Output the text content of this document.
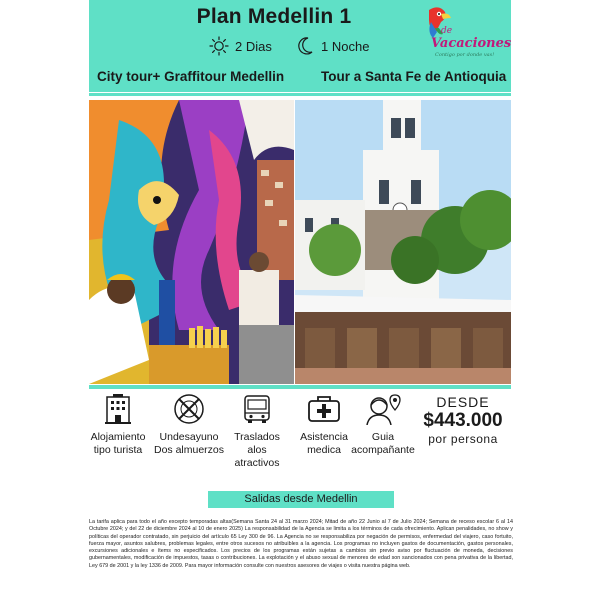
Plan Medellin 1
2 Dias	1 Noche
City tour+ Graffitour Medellin	Tour a Santa Fe de Antioquia
de
Vacaciones
Contigo por donde vas!
Alojamiento
tipo turista
Undesayuno
Dos almuerzos
Traslados
alos
atractivos
Asistencia
medica
Guia
acompañante
DESDE
$443.000
por persona
Salidas desde Medellin
La tarifa aplica para todo el año excepto temporadas altas(Semana Santa 24 al 31 marzo 2024; Mitad de año 22 Junio al 7 de Julio 2024; Semana de receso escolar 6 al 14 Octubre 2024; y del 22 de diciembre 2024 al 10 de enero 2025) La responsabilidad de la Agencia se limita a los términos de cada ofrecimiento. Aplican penalidades, no show y políticas del operador contratado, sin perjuicio del artículo 65 Ley 300 de 96. La Agencia no se responsabiliza por negación de permisos, enfermedad del viajero, caso fortuito, fuerza mayor, asuntos salubres, problemas legales, entre otros sucesos no atribuibles a la agencia. Los programas no incluyen gastos de documentación, gastos personales, excursiones adicionales e ítems no especificados. Los precios de los programas están sujetas a cambios sin previo aviso por fluctuación de moneda, decisiones gubernamentales, modificación de impuestos, tasas o contribuciones. La explotación y el abuso sexual de menores de edad son sancionados con pena privativa de la libertad, Ley 679 de 2001 y la ley 1336 de 2009. Para mayor información consulte con nuestros asesores de viajes o visita nuestra página web.
